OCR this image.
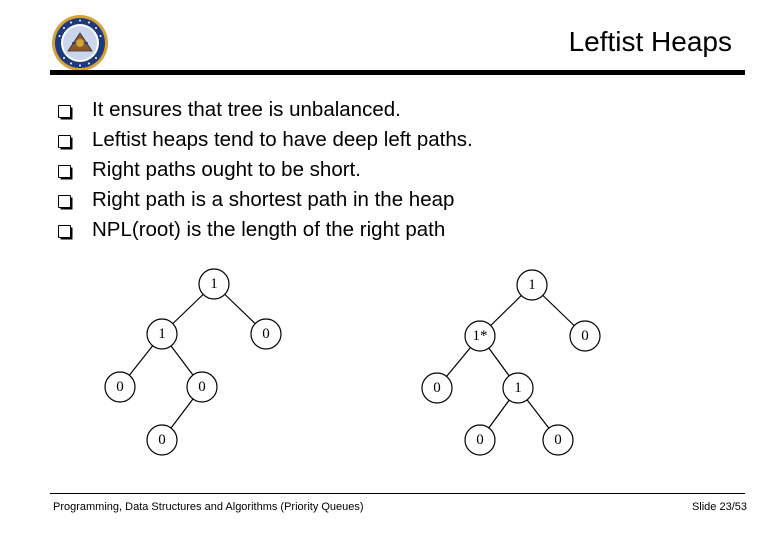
Leftist Heaps
It ensures that tree is unbalanced.
Leftist heaps tend to have deep left paths.
Right paths ought to be short.
Right path is a shortest path in the heap
NPL(root) is the length of the right path
1
1	0
0	0
0
1
1*	0
0	1
0	0
Programming, Data Structures and Algorithms (Priority Queues)	Slide 23/53
